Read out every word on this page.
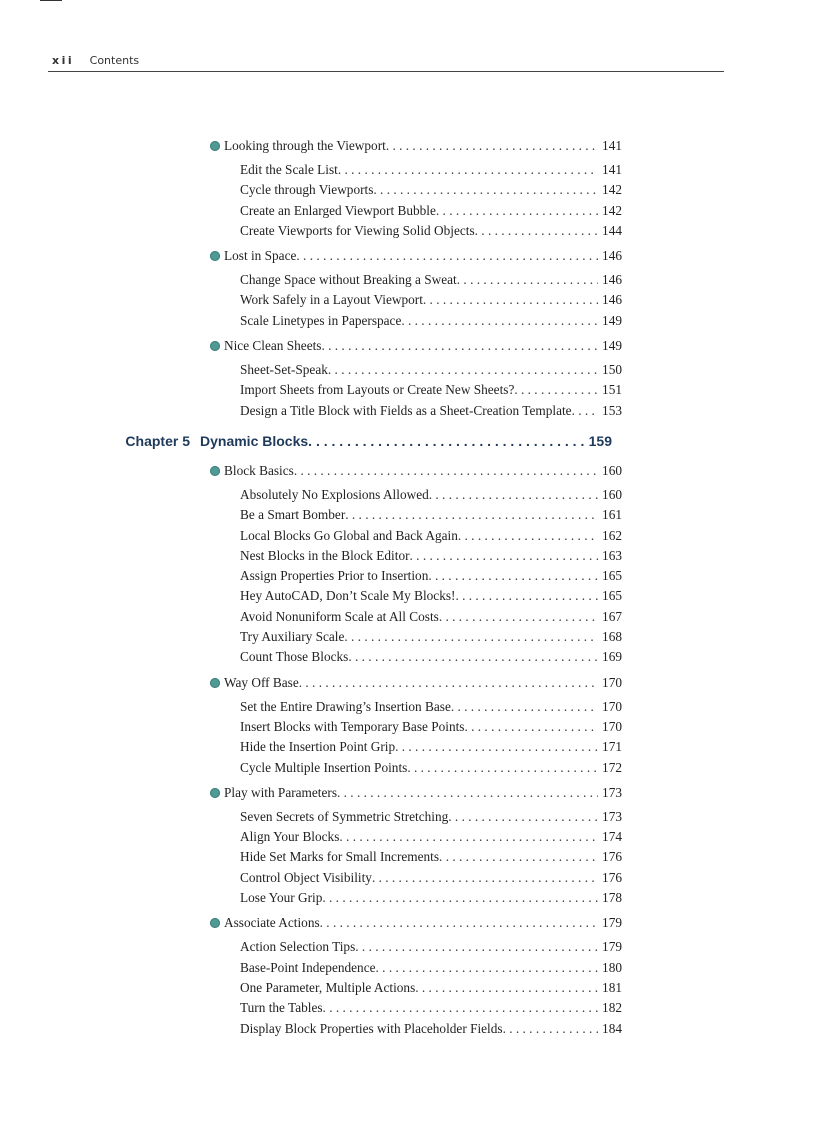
xii Contents
Looking through the Viewport . . .	141
Edit the Scale List . . .	141
Cycle through Viewports . . .	142
Create an Enlarged Viewport Bubble . . .	142
Create Viewports for Viewing Solid Objects . . .	144
Lost in Space . . .	146
Change Space without Breaking a Sweat . . .	146
Work Safely in a Layout Viewport . . .	146
Scale Linetypes in Paperspace . . .	149
Nice Clean Sheets . . .	149
Sheet-Set-Speak . . .	150
Import Sheets from Layouts or Create New Sheets? . . .	151
Design a Title Block with Fields as a Sheet-Creation Template . . .	153
Chapter 5 Dynamic Blocks . . .	159
Block Basics . . .	160
Absolutely No Explosions Allowed . . .	160
Be a Smart Bomber . . .	161
Local Blocks Go Global and Back Again . . .	162
Nest Blocks in the Block Editor . . .	163
Assign Properties Prior to Insertion . . .	165
Hey AutoCAD, Don’t Scale My Blocks! . . .	165
Avoid Nonuniform Scale at All Costs . . .	167
Try Auxiliary Scale . . .	168
Count Those Blocks . . .	169
Way Off Base . . .	170
Set the Entire Drawing’s Insertion Base . . .	170
Insert Blocks with Temporary Base Points . . .	170
Hide the Insertion Point Grip . . .	171
Cycle Multiple Insertion Points . . .	172
Play with Parameters . . .	173
Seven Secrets of Symmetric Stretching . . .	173
Align Your Blocks . . .	174
Hide Set Marks for Small Increments . . .	176
Control Object Visibility . . .	176
Lose Your Grip . . .	178
Associate Actions . . .	179
Action Selection Tips . . .	179
Base-Point Independence . . .	180
One Parameter, Multiple Actions . . .	181
Turn the Tables . . .	182
Display Block Properties with Placeholder Fields . . .	184
